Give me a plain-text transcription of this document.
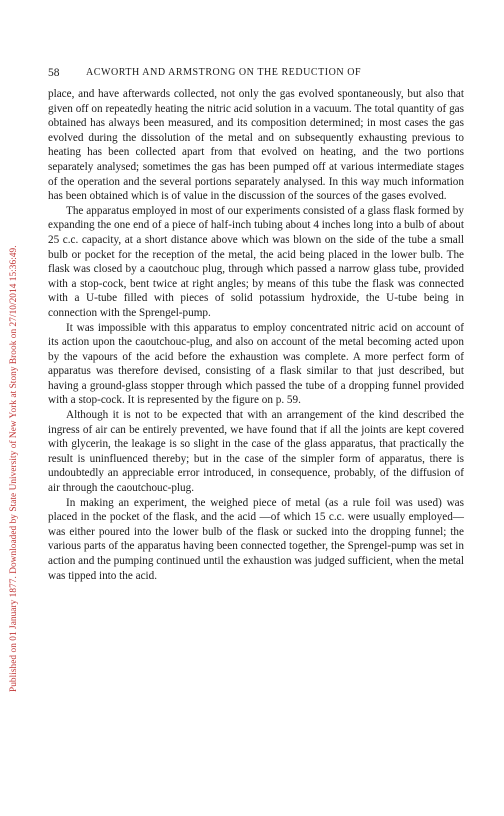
Published on 01 January 1877. Downloaded by State University of New York at Stony Brook on 27/10/2014 15:36:49.
58	ACWORTH AND ARMSTRONG ON THE REDUCTION OF

place, and have afterwards collected, not only the gas evolved spontaneously, but also that given off on repeatedly heating the nitric acid solution in a vacuum. The total quantity of gas obtained has always been measured, and its composition determined; in most cases the gas evolved during the dissolution of the metal and on subsequently exhausting previous to heating has been collected apart from that evolved on heating, and the two portions separately analysed; sometimes the gas has been pumped off at various intermediate stages of the operation and the several portions separately analysed. In this way much information has been obtained which is of value in the discussion of the sources of the gases evolved.

The apparatus employed in most of our experiments consisted of a glass flask formed by expanding the one end of a piece of half-inch tubing about 4 inches long into a bulb of about 25 c.c. capacity, at a short distance above which was blown on the side of the tube a small bulb or pocket for the reception of the metal, the acid being placed in the lower bulb. The flask was closed by a caoutchouc plug, through which passed a narrow glass tube, provided with a stop-cock, bent twice at right angles; by means of this tube the flask was connected with a U-tube filled with pieces of solid potassium hydroxide, the U-tube being in connection with the Sprengel-pump.

It was impossible with this apparatus to employ concentrated nitric acid on account of its action upon the caoutchouc-plug, and also on account of the metal becoming acted upon by the vapours of the acid before the exhaustion was complete. A more perfect form of apparatus was therefore devised, consisting of a flask similar to that just described, but having a ground-glass stopper through which passed the tube of a dropping funnel provided with a stop-cock. It is represented by the figure on p. 59.

Although it is not to be expected that with an arrangement of the kind described the ingress of air can be entirely prevented, we have found that if all the joints are kept covered with glycerin, the leakage is so slight in the case of the glass apparatus, that practically the result is uninfluenced thereby; but in the case of the simpler form of apparatus, there is undoubtedly an appreciable error introduced, in consequence, probably, of the diffusion of air through the caoutchouc-plug.

In making an experiment, the weighed piece of metal (as a rule foil was used) was placed in the pocket of the flask, and the acid —of which 15 c.c. were usually employed—was either poured into the lower bulb of the flask or sucked into the dropping funnel; the various parts of the apparatus having been connected together, the Sprengel-pump was set in action and the pumping continued until the exhaustion was judged sufficient, when the metal was tipped into the acid.
